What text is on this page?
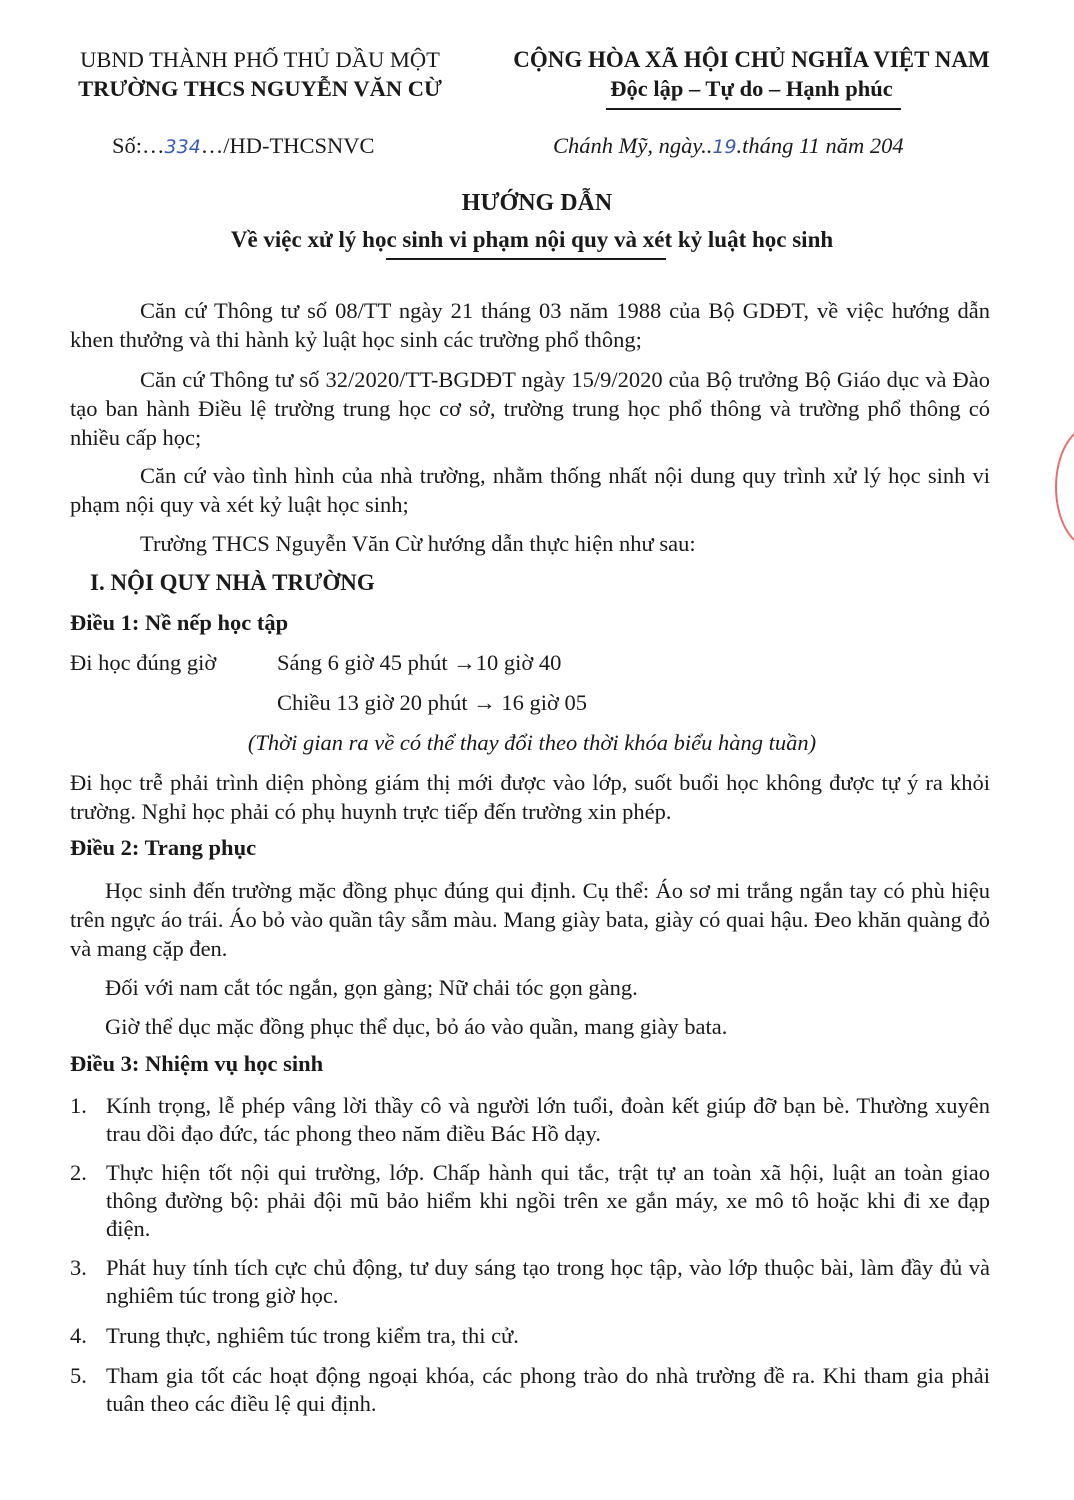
UBND THÀNH PHỐ THỦ DẦU MỘT
TRƯỜNG THCS NGUYỄN VĂN CỪ
CỘNG HÒA XÃ HỘI CHỦ NGHĨA VIỆT NAM
Độc lập – Tự do – Hạnh phúc
Số:…334…/HD-THCSNVC	Chánh Mỹ, ngày..19.tháng 11 năm 204
HƯỚNG DẪN
Về việc xử lý học sinh vi phạm nội quy và xét kỷ luật học sinh
Căn cứ Thông tư số 08/TT ngày 21 tháng 03 năm 1988 của Bộ GDĐT, về việc hướng dẫn khen thưởng và thi hành kỷ luật học sinh các trường phổ thông;
Căn cứ Thông tư số 32/2020/TT-BGDĐT ngày 15/9/2020 của Bộ trưởng Bộ Giáo dục và Đào tạo ban hành Điều lệ trường trung học cơ sở, trường trung học phổ thông và trường phổ thông có nhiều cấp học;
Căn cứ vào tình hình của nhà trường, nhằm thống nhất nội dung quy trình xử lý học sinh vi phạm nội quy và xét kỷ luật học sinh;
Trường THCS Nguyễn Văn Cừ hướng dẫn thực hiện như sau:
I. NỘI QUY NHÀ TRƯỜNG
Điều 1: Nề nếp học tập
Đi học đúng giờ	Sáng 6 giờ 45 phút →10 giờ 40
Chiều 13 giờ 20 phút → 16 giờ 05
(Thời gian ra về có thể thay đổi theo thời khóa biểu hàng tuần)
Đi học trễ phải trình diện phòng giám thị mới được vào lớp, suốt buổi học không được tự ý ra khỏi trường. Nghỉ học phải có phụ huynh trực tiếp đến trường xin phép.
Điều 2: Trang phục
Học sinh đến trường mặc đồng phục đúng qui định. Cụ thể: Áo sơ mi trắng ngắn tay có phù hiệu trên ngực áo trái. Áo bỏ vào quần tây sẫm màu. Mang giày bata, giày có quai hậu. Đeo khăn quàng đỏ và mang cặp đen.
Đối với nam cắt tóc ngắn, gọn gàng; Nữ chải tóc gọn gàng.
Giờ thể dục mặc đồng phục thể dục, bỏ áo vào quần, mang giày bata.
Điều 3: Nhiệm vụ học sinh
1. Kính trọng, lễ phép vâng lời thầy cô và người lớn tuổi, đoàn kết giúp đỡ bạn bè. Thường xuyên trau dồi đạo đức, tác phong theo năm điều Bác Hồ dạy.
2. Thực hiện tốt nội qui trường, lớp. Chấp hành qui tắc, trật tự an toàn xã hội, luật an toàn giao thông đường bộ: phải đội mũ bảo hiểm khi ngồi trên xe gắn máy, xe mô tô hoặc khi đi xe đạp điện.
3. Phát huy tính tích cực chủ động, tư duy sáng tạo trong học tập, vào lớp thuộc bài, làm đầy đủ và nghiêm túc trong giờ học.
4. Trung thực, nghiêm túc trong kiểm tra, thi cử.
5. Tham gia tốt các hoạt động ngoại khóa, các phong trào do nhà trường đề ra. Khi tham gia phải tuân theo các điều lệ qui định.
